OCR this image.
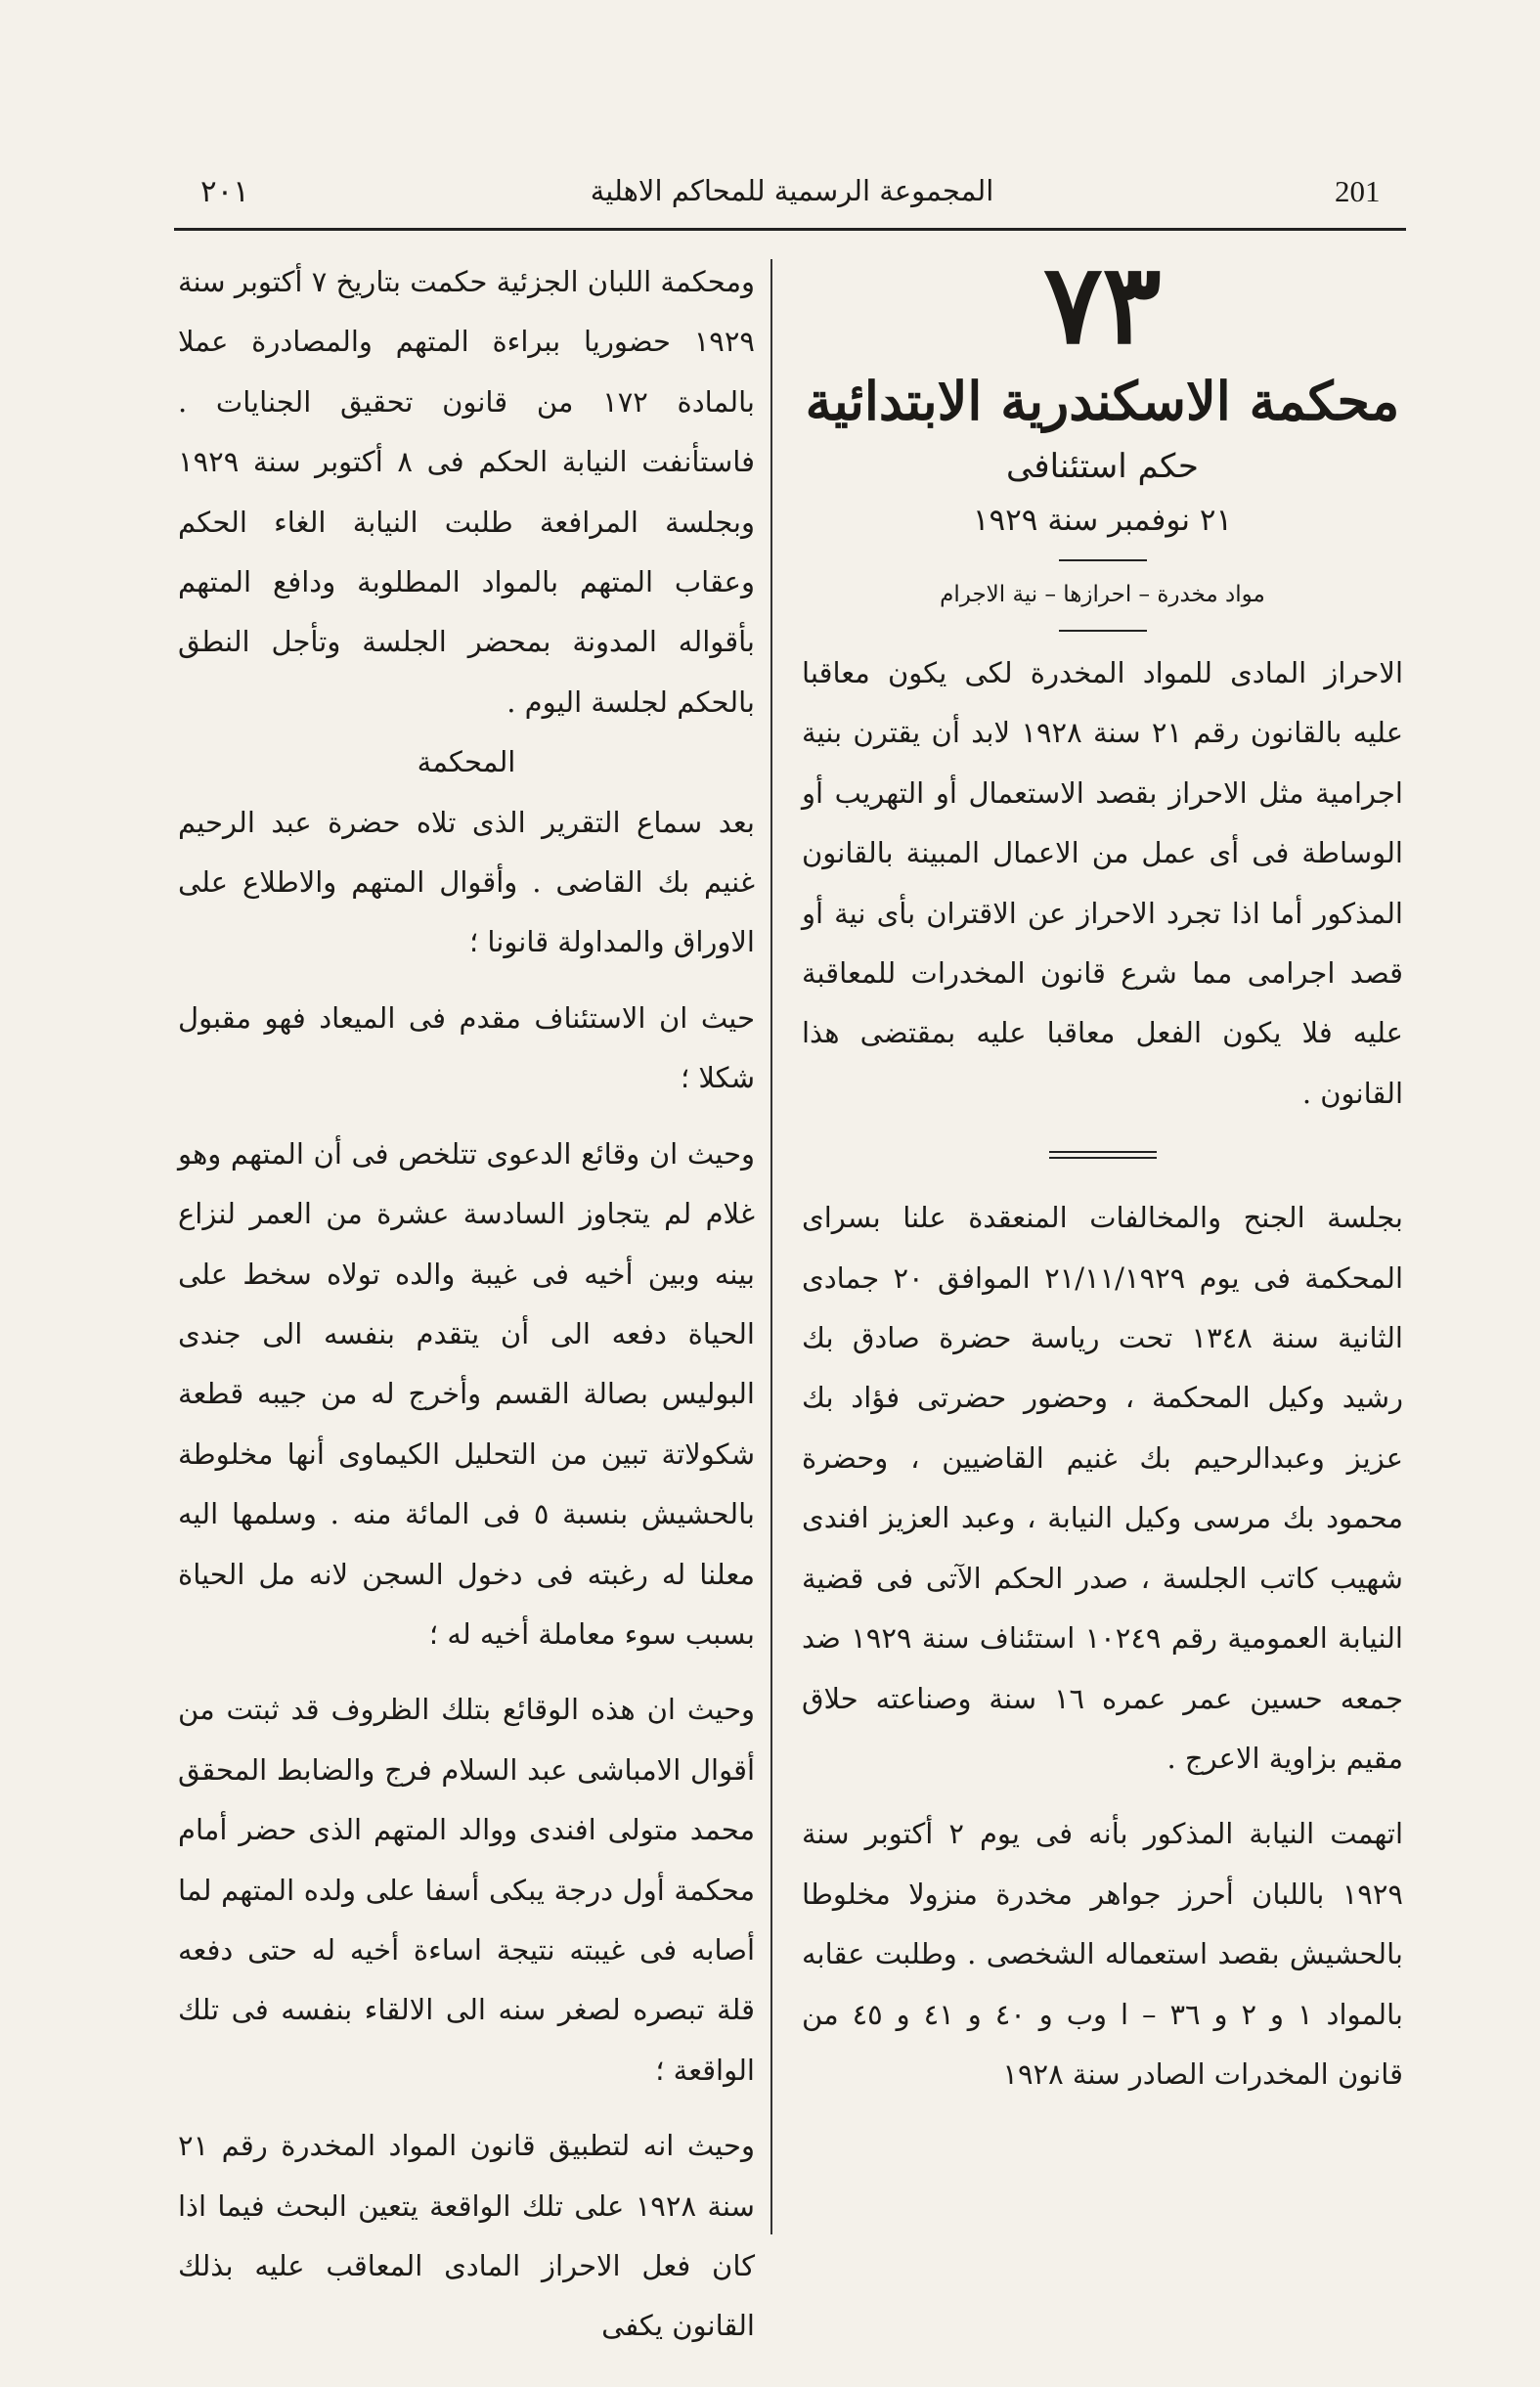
201
المجموعة الرسمية للمحاكم الاهلية
٢٠١
٧٣
محكمة الاسكندرية الابتدائية
حكم استئنافى
٢١ نوفمبر سنة ١٩٢٩
مواد مخدرة – احرازها – نية الاجرام

الاحراز المادى للمواد المخدرة لكى يكون معاقبا عليه بالقانون رقم ٢١ سنة ١٩٢٨ لابد أن يقترن بنية اجرامية مثل الاحراز بقصد الاستعمال أو التهريب أو الوساطة فى أى عمل من الاعمال المبينة بالقانون المذكور أما اذا تجرد الاحراز عن الاقتران بأى نية أو قصد اجرامى مما شرع قانون المخدرات للمعاقبة عليه فلا يكون الفعل معاقبا عليه بمقتضى هذا القانون .

بجلسة الجنح والمخالفات المنعقدة علنا بسراى المحكمة فى يوم ٢١/١١/١٩٢٩ الموافق ٢٠ جمادى الثانية سنة ١٣٤٨ تحت رياسة حضرة صادق بك رشيد وكيل المحكمة ، وحضور حضرتى فؤاد بك عزيز وعبدالرحيم بك غنيم القاضيين ، وحضرة محمود بك مرسى وكيل النيابة ، وعبد العزيز افندى شهيب كاتب الجلسة ، صدر الحكم الآتى فى قضية النيابة العمومية رقم ١٠٢٤٩ استئناف سنة ١٩٢٩ ضد جمعه حسين عمر عمره ١٦ سنة وصناعته حلاق مقيم بزاوية الاعرج .

اتهمت النيابة المذكور بأنه فى يوم ٢ أكتوبر سنة ١٩٢٩ باللبان أحرز جواهر مخدرة منزولا مخلوطا بالحشيش بقصد استعماله الشخصى . وطلبت عقابه بالمواد ١ و ٢ و ٣٦ – ا وب و ٤٠ و ٤١ و ٤٥ من قانون المخدرات الصادر سنة ١٩٢٨

ومحكمة اللبان الجزئية حكمت بتاريخ ٧ أكتوبر سنة ١٩٢٩ حضوريا ببراءة المتهم والمصادرة عملا بالمادة ١٧٢ من قانون تحقيق الجنايات . فاستأنفت النيابة الحكم فى ٨ أكتوبر سنة ١٩٢٩ وبجلسة المرافعة طلبت النيابة الغاء الحكم وعقاب المتهم بالمواد المطلوبة ودافع المتهم بأقواله المدونة بمحضر الجلسة وتأجل النطق بالحكم لجلسة اليوم .

المحكمة

بعد سماع التقرير الذى تلاه حضرة عبد الرحيم غنيم بك القاضى . وأقوال المتهم والاطلاع على الاوراق والمداولة قانونا ؛

حيث ان الاستئناف مقدم فى الميعاد فهو مقبول شكلا ؛

وحيث ان وقائع الدعوى تتلخص فى أن المتهم وهو غلام لم يتجاوز السادسة عشرة من العمر لنزاع بينه وبين أخيه فى غيبة والده تولاه سخط على الحياة دفعه الى أن يتقدم بنفسه الى جندى البوليس بصالة القسم وأخرج له من جيبه قطعة شكولاتة تبين من التحليل الكيماوى أنها مخلوطة بالحشيش بنسبة ٥ فى المائة منه . وسلمها اليه معلنا له رغبته فى دخول السجن لانه مل الحياة بسبب سوء معاملة أخيه له ؛

وحيث ان هذه الوقائع بتلك الظروف قد ثبتت من أقوال الامباشى عبد السلام فرج والضابط المحقق محمد متولى افندى ووالد المتهم الذى حضر أمام محكمة أول درجة يبكى أسفا على ولده المتهم لما أصابه فى غيبته نتيجة اساءة أخيه له حتى دفعه قلة تبصره لصغر سنه الى الالقاء بنفسه فى تلك الواقعة ؛

وحيث انه لتطبيق قانون المواد المخدرة رقم ٢١ سنة ١٩٢٨ على تلك الواقعة يتعين البحث فيما اذا كان فعل الاحراز المادى المعاقب عليه بذلك القانون يكفى
